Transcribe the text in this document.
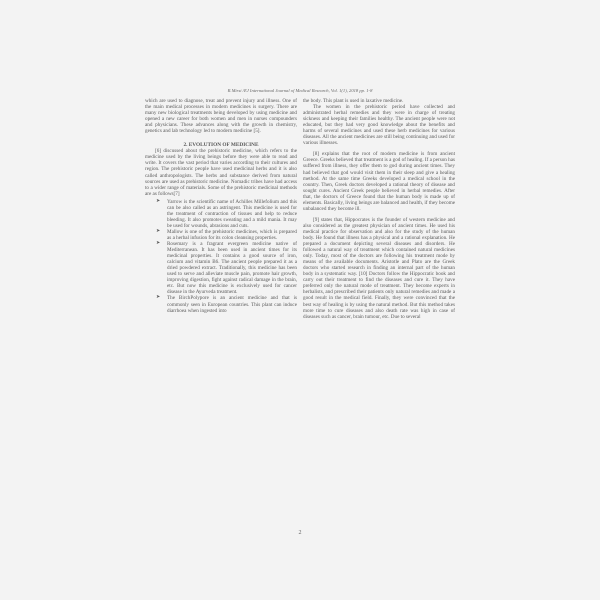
R.Mirsi /EJ International Journal of Medical Research, Vol. 1(1), 2018 pp. 1-8

which are used to diagnose, treat and prevent injury and illness. One of the main medical processes in modern medicines is surgery. There are many new biological treatments being developed by using medicine and opened a new career for both women and men in nurses compounders and physicians. These advances along with the growth in chemistry, genetics and lab technology led to modern medicine [5].

2. EVOLUTION OF MEDICINE

[6] discussed about the prehistoric medicine, which refers to the medicine used by the living beings before they were able to read and write. It covers the vast period that varies according to their cultures and region. The prehistoric people have used medicinal herbs and it is also called anthropologists. The herbs and substance derived from natural sources are used as prehistoric medicine. Nomadic tribes have had access to a wider range of materials. Some of the prehistoric medicinal methods are as follows[7]

➤ Yarrow is the scientific name of Achilles Millefolium and this can be also called as an astringent. This medicine is used for the treatment of contraction of tissues and help to reduce bleeding. It also promotes sweating and a mild mania. It may be used for wounds, abrasions and cuts.
➤ Mallow is one of the prehistoric medicines, which is prepared as a herbal infusion for its colon cleansing properties.
➤ Rosemary is a fragrant evergreen medicine native of Mediterranean. It has been used in ancient times for its medicinal properties. It contains a good source of iron, calcium and vitamin B6. The ancient people prepared it as a dried powdered extract. Traditionally, this medicine has been used to serve and alleviate muscle pain, promote hair growth, improving digestion, fight against radical damage in the brain, etc. But now this medicine is exclusively used for cancer disease in the Ayurveda treatment.
➤ The BirchPolypore is an ancient medicine and that is commonly seen in European countries. This plant can induce diarrhoea when ingested into

the body. This plant is used in laxative medicine.

The women in the prehistoric period have collected and administrated herbal remedies and they were in charge of treating sickness and keeping their families healthy. The ancient people were not educated, but they had very good knowledge about the benefits and harms of several medicines and used these herb medicines for various diseases. All the ancient medicines are still being continuing and used for various illnesses.

[8] explains that the root of modern medicine is from ancient Greece. Greeks believed that treatment is a god of healing. If a person has suffered from illness, they offer them to god during ancient times. They had believed that god would visit them in their sleep and give a healing method. At the same time Greeks developed a medical school in the country. Then, Greek doctors developed a rational theory of disease and sought cures. Ancient Greek people believed in herbal remedies. After that, the doctors of Greece found that the human body is made up of elements. Basically, living beings are balanced and health, if they become unbalanced they become ill.

[9] states that, Hippocrates is the founder of western medicine and also considered as the greatest physician of ancient times. He used his medical practice for observation and also for the study of the human body. He found that illness has a physical and a rational explanation. He prepared a document depicting several diseases and disorders. He followed a natural way of treatment which contained natural medicines only. Today, most of the doctors are following his treatment mode by means of the available documents. Aristotle and Plato are the Greek doctors who started research in finding an internal part of the human body in a systematic way. [10] Doctors follow the Hippocratic book and carry out their treatment to find the diseases and cure it. They have preferred only the natural mode of treatment. They become experts in herbalists, and prescribed their patients only natural remedies and made a good result in the medical field. Finally, they were convinced that the best way of healing is by using the natural method. But this method takes more time to cure diseases and also death rate was high in case of diseases such as cancer, brain tumour, etc. Due to several

2
